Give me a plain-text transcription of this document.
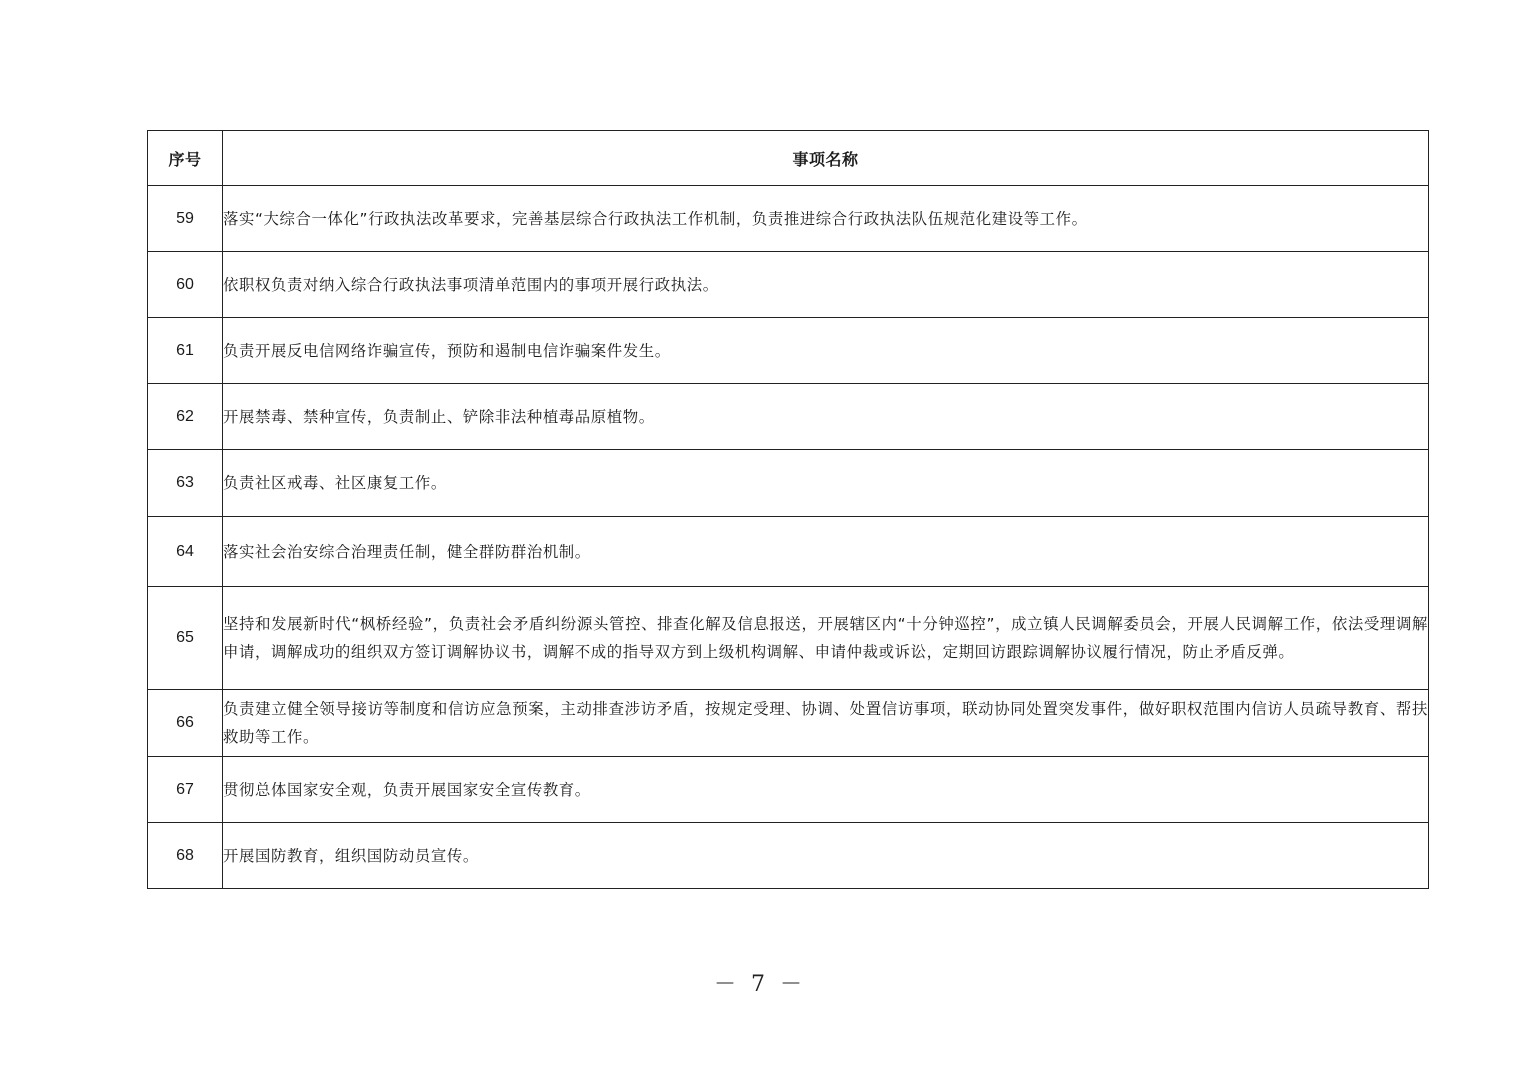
序号	事项名称
59	落实“大综合一体化”行政执法改革要求，完善基层综合行政执法工作机制，负责推进综合行政执法队伍规范化建设等工作。
60	依职权负责对纳入综合行政执法事项清单范围内的事项开展行政执法。
61	负责开展反电信网络诈骗宣传，预防和遏制电信诈骗案件发生。
62	开展禁毒、禁种宣传，负责制止、铲除非法种植毒品原植物。
63	负责社区戒毒、社区康复工作。
64	落实社会治安综合治理责任制，健全群防群治机制。
65	坚持和发展新时代“枫桥经验”，负责社会矛盾纠纷源头管控、排查化解及信息报送，开展辖区内“十分钟巡控”，成立镇人民调解委员会，开展人民调解工作，依法受理调解申请，调解成功的组织双方签订调解协议书，调解不成的指导双方到上级机构调解、申请仲裁或诉讼，定期回访跟踪调解协议履行情况，防止矛盾反弹。
66	负责建立健全领导接访等制度和信访应急预案，主动排查涉访矛盾，按规定受理、协调、处置信访事项，联动协同处置突发事件，做好职权范围内信访人员疏导教育、帮扶救助等工作。
67	贯彻总体国家安全观，负责开展国家安全宣传教育。
68	开展国防教育，组织国防动员宣传。
－ 7 －
